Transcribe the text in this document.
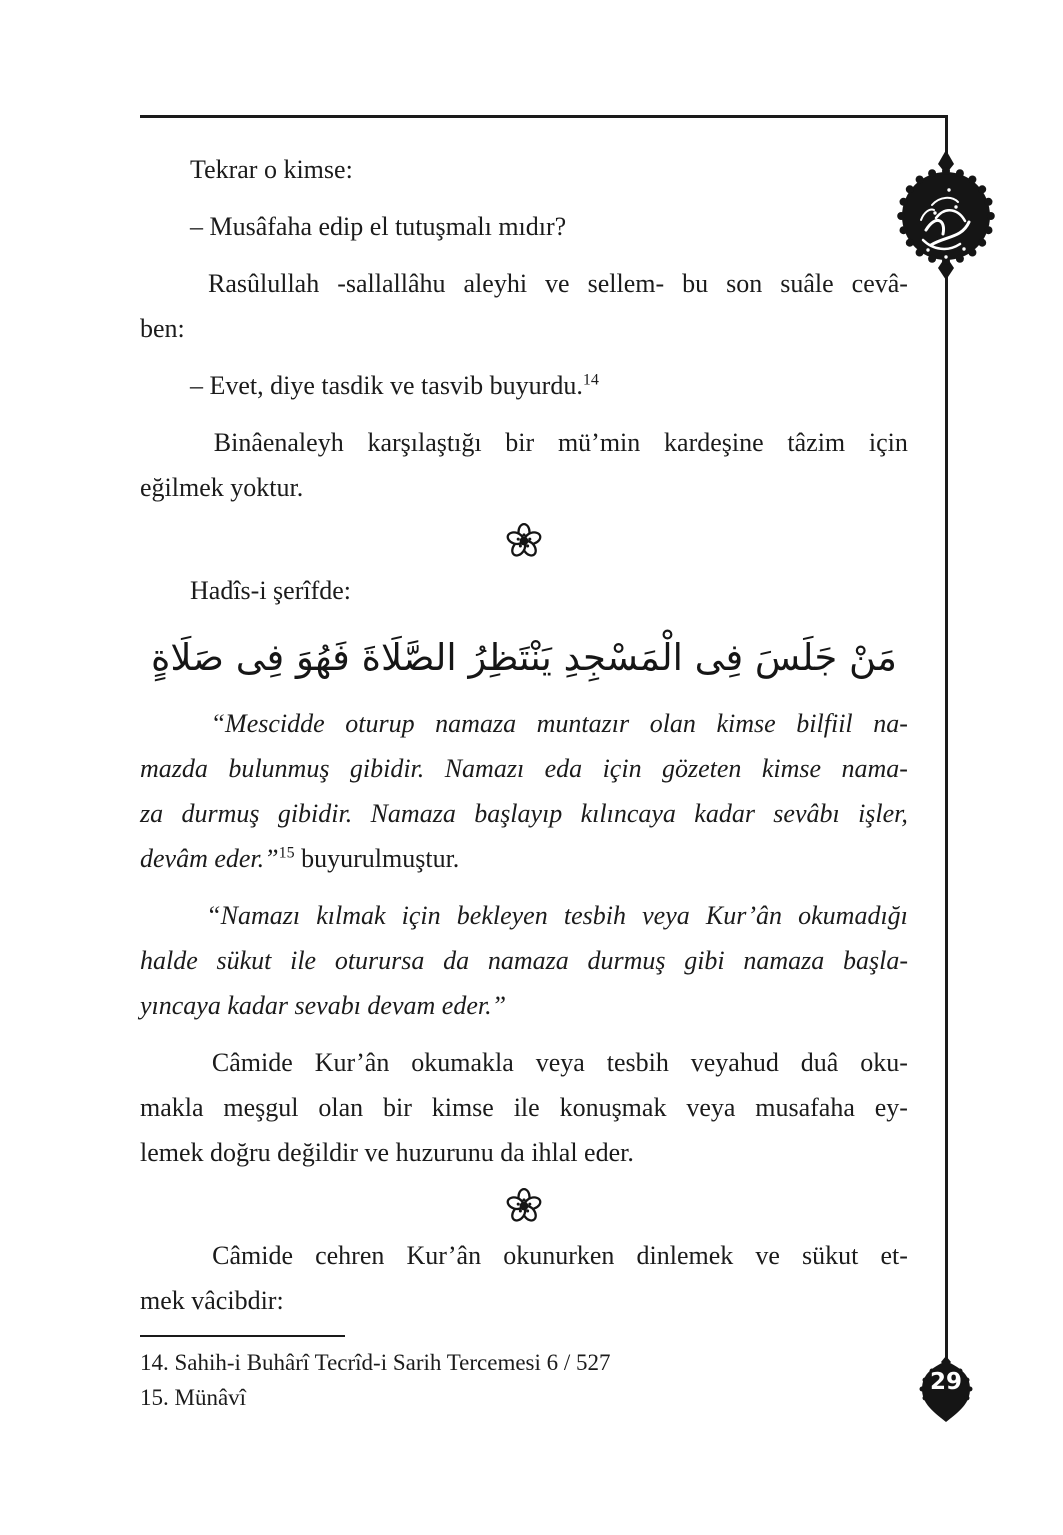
Tekrar o kimse:
– Musâfaha edip el tutuşmalı mıdır?
Rasûlullah -sallallâhu aleyhi ve sellem- bu son suâle cevâ-
ben:
– Evet, diye tasdik ve tasvib buyurdu.$^{14}$
Binâenaleyh karşılaştığı bir mü’min kardeşine tâzim için
eğilmek yoktur.
Hadîs-i şerîfde:
مَنْ جَلَسَ فِى الْمَسْجِدِ يَنْتَظِرُ الصَّلَاةَ فَهُوَ فِى صَلَاةٍ
“Mescidde oturup namaza muntazır olan kimse bilfiil na-
mazda bulunmuş gibidir. Namazı eda için gözeten kimse nama-
za durmuş gibidir. Namaza başlayıp kılıncaya kadar sevâbı işler,
devâm eder.”$^{15}$ buyurulmuştur.
“Namazı kılmak için bekleyen tesbih veya Kur’ân okumadığı
halde sükut ile oturursa da namaza durmuş gibi namaza başla-
yıncaya kadar sevabı devam eder.”
Câmide Kur’ân okumakla veya tesbih veyahud duâ oku-
makla meşgul olan bir kimse ile konuşmak veya musafaha ey-
lemek doğru değildir ve huzurunu da ihlal eder.
Câmide cehren Kur’ân okunurken dinlemek ve sükut et-
mek vâcibdir:
14. Sahih-i Buhârî Tecrîd-i Sarih Tercemesi 6 / 527
15. Münâvî
29
